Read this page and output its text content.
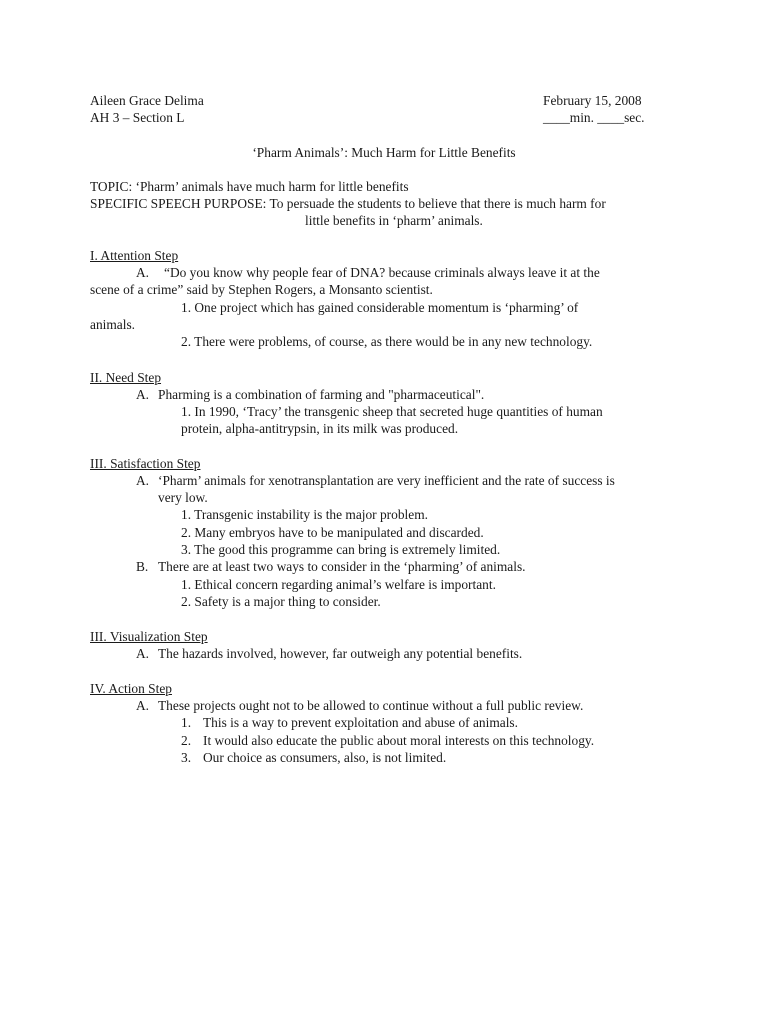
Aileen Grace Delima
AH 3 – Section L
February 15, 2008
____min. ____sec.
‘Pharm Animals’: Much Harm for Little Benefits
TOPIC: ‘Pharm’ animals have much harm for little benefits
SPECIFIC SPEECH PURPOSE: To persuade the students to believe that there is much harm for
little benefits in ‘pharm’ animals.
I. Attention Step
A. “Do you know why people fear of DNA? because criminals always leave it at the
scene of a crime” said by Stephen Rogers, a Monsanto scientist.
1. One project which has gained considerable momentum is ‘pharming’ of
animals.
2. There were problems, of course, as there would be in any new technology.
II. Need Step
A. Pharming is a combination of farming and "pharmaceutical".
1. In 1990, ‘Tracy’ the transgenic sheep that secreted huge quantities of human
protein, alpha-antitrypsin, in its milk was produced.
III. Satisfaction Step
A. ‘Pharm’ animals for xenotransplantation are very inefficient and the rate of success is
very low.
1. Transgenic instability is the major problem.
2. Many embryos have to be manipulated and discarded.
3. The good this programme can bring is extremely limited.
B. There are at least two ways to consider in the ‘pharming’ of animals.
1. Ethical concern regarding animal’s welfare is important.
2. Safety is a major thing to consider.
III. Visualization Step
A. The hazards involved, however, far outweigh any potential benefits.
IV. Action Step
A. These projects ought not to be allowed to continue without a full public review.
1. This is a way to prevent exploitation and abuse of animals.
2. It would also educate the public about moral interests on this technology.
3. Our choice as consumers, also, is not limited.
